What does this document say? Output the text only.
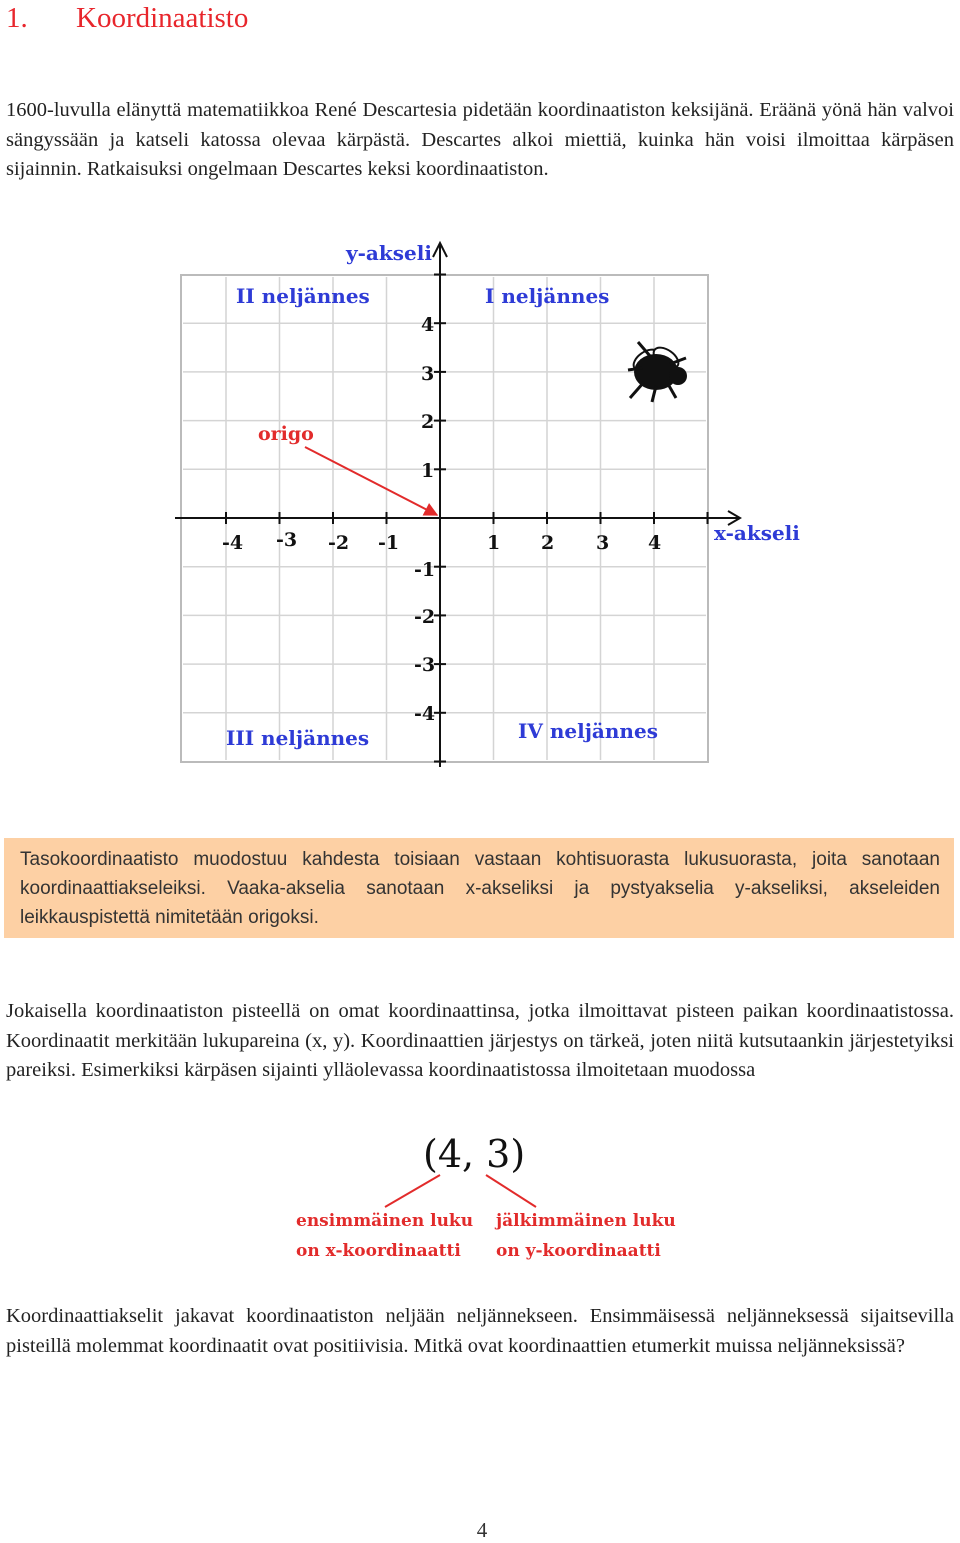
1. Koordinaatisto

1600-luvulla elänyttä matematiikkoa René Descartesia pidetään koordinaatiston keksijänä. Eräänä yönä hän valvoi sängyssään ja katseli katossa olevaa kärpästä. Descartes alkoi miettiä, kuinka hän voisi ilmoittaa kärpäsen sijainnin. Ratkaisuksi ongelmaan Descartes keksi koordinaatiston.

y-akseli
x-akseli
II neljännes	I neljännes
III neljännes	IV neljännes
origo
-4 -3 -2 -1	1 2 3 4
4
3
2
1
-1
-2
-3
-4
(4, 3)
ensimmäinen luku
on x-koordinaatti
jälkimmäinen luku
on y-koordinaatti

Tasokoordinaatisto muodostuu kahdesta toisiaan vastaan kohtisuorasta lukusuorasta, joita sanotaan koordinaattiakseleiksi. Vaaka-akselia sanotaan x-akseliksi ja pystyakselia y-akseliksi, akseleiden leikkauspistettä nimitetään origoksi.

Jokaisella koordinaatiston pisteellä on omat koordinaattinsa, jotka ilmoittavat pisteen paikan koordinaatistossa. Koordinaatit merkitään lukupareina (x, y). Koordinaattien järjestys on tärkeä, joten niitä kutsutaankin järjestetyiksi pareiksi. Esimerkiksi kärpäsen sijainti ylläolevassa koordinaatistossa ilmoitetaan muodossa

Koordinaattiakselit jakavat koordinaatiston neljään neljännekseen. Ensimmäisessä neljänneksessä sijaitsevilla pisteillä molemmat koordinaatit ovat positiivisia. Mitkä ovat koordinaattien etumerkit muissa neljänneksissä?

4
